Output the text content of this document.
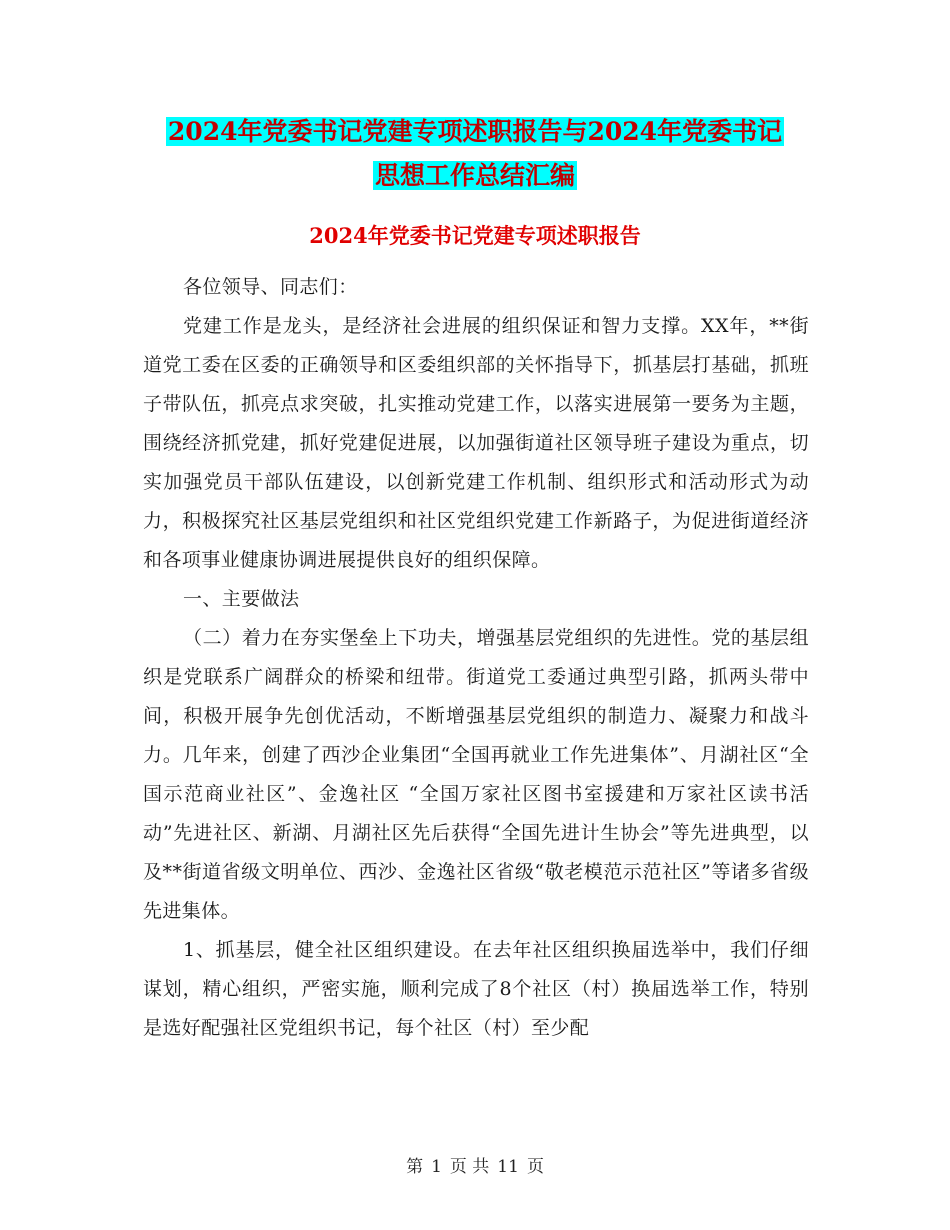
2024年党委书记党建专项述职报告与2024年党委书记
思想工作总结汇编
2024年党委书记党建专项述职报告

各位领导、同志们：

党建工作是龙头，是经济社会进展的组织保证和智力支撑。XX年，**街道党工委在区委的正确领导和区委组织部的关怀指导下，抓基层打基础，抓班子带队伍，抓亮点求突破，扎实推动党建工作，以落实进展第一要务为主题，围绕经济抓党建，抓好党建促进展，以加强街道社区领导班子建设为重点，切实加强党员干部队伍建设，以创新党建工作机制、组织形式和活动形式为动力，积极探究社区基层党组织和社区党组织党建工作新路子，为促进街道经济和各项事业健康协调进展提供良好的组织保障。

一、主要做法

（二）着力在夯实堡垒上下功夫，增强基层党组织的先进性。党的基层组织是党联系广阔群众的桥梁和纽带。街道党工委通过典型引路，抓两头带中间，积极开展争先创优活动，不断增强基层党组织的制造力、凝聚力和战斗力。几年来，创建了西沙企业集团“全国再就业工作先进集体”、月湖社区“全国示范商业社区”、金逸社区 “全国万家社区图书室援建和万家社区读书活动”先进社区、新湖、月湖社区先后获得“全国先进计生协会”等先进典型，以及**街道省级文明单位、西沙、金逸社区省级“敬老模范示范社区”等诸多省级先进集体。

1、抓基层，健全社区组织建设。在去年社区组织换届选举中，我们仔细谋划，精心组织，严密实施，顺利完成了8个社区（村）换届选举工作，特别是选好配强社区党组织书记，每个社区（村）至少配

第 1 页 共 11 页
